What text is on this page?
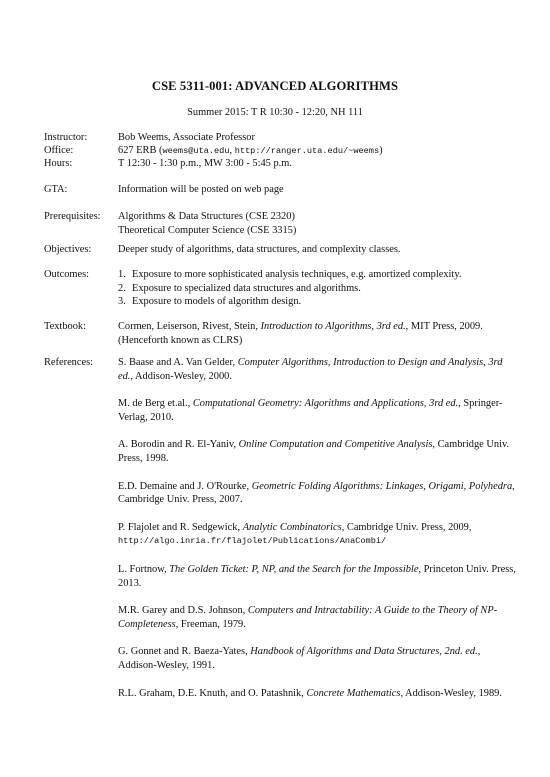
CSE 5311-001: ADVANCED ALGORITHMS
Summer 2015: T R 10:30 - 12:20, NH 111
Instructor:	Bob Weems, Associate Professor
Office:	627 ERB (weems@uta.edu, http://ranger.uta.edu/~weems)
Hours:	T 12:30 - 1:30 p.m., MW 3:00 - 5:45 p.m.
GTA:	Information will be posted on web page
Prerequisites:	Algorithms & Data Structures (CSE 2320)
Theoretical Computer Science (CSE 3315)
Objectives:	Deeper study of algorithms, data structures, and complexity classes.
Outcomes:	1. Exposure to more sophisticated analysis techniques, e.g. amortized complexity.
2. Exposure to specialized data structures and algorithms.
3. Exposure to models of algorithm design.
Textbook:	Cormen, Leiserson, Rivest, Stein, Introduction to Algorithms, 3rd ed., MIT Press, 2009.
(Henceforth known as CLRS)
References:	S. Baase and A. Van Gelder, Computer Algorithms, Introduction to Design and Analysis, 3rd ed., Addison-Wesley, 2000.

M. de Berg et.al., Computational Geometry: Algorithms and Applications, 3rd ed., Springer-Verlag, 2010.

A. Borodin and R. El-Yaniv, Online Computation and Competitive Analysis, Cambridge Univ. Press, 1998.

E.D. Demaine and J. O'Rourke, Geometric Folding Algorithms: Linkages, Origami, Polyhedra, Cambridge Univ. Press, 2007.

P. Flajolet and R. Sedgewick, Analytic Combinatorics, Cambridge Univ. Press, 2009,
http://algo.inria.fr/flajolet/Publications/AnaCombi/

L. Fortnow, The Golden Ticket: P, NP, and the Search for the Impossible, Princeton Univ. Press, 2013.

M.R. Garey and D.S. Johnson, Computers and Intractability: A Guide to the Theory of NP-Completeness, Freeman, 1979.

G. Gonnet and R. Baeza-Yates, Handbook of Algorithms and Data Structures, 2nd. ed., Addison-Wesley, 1991.

R.L. Graham, D.E. Knuth, and O. Patashnik, Concrete Mathematics, Addison-Wesley, 1989.
